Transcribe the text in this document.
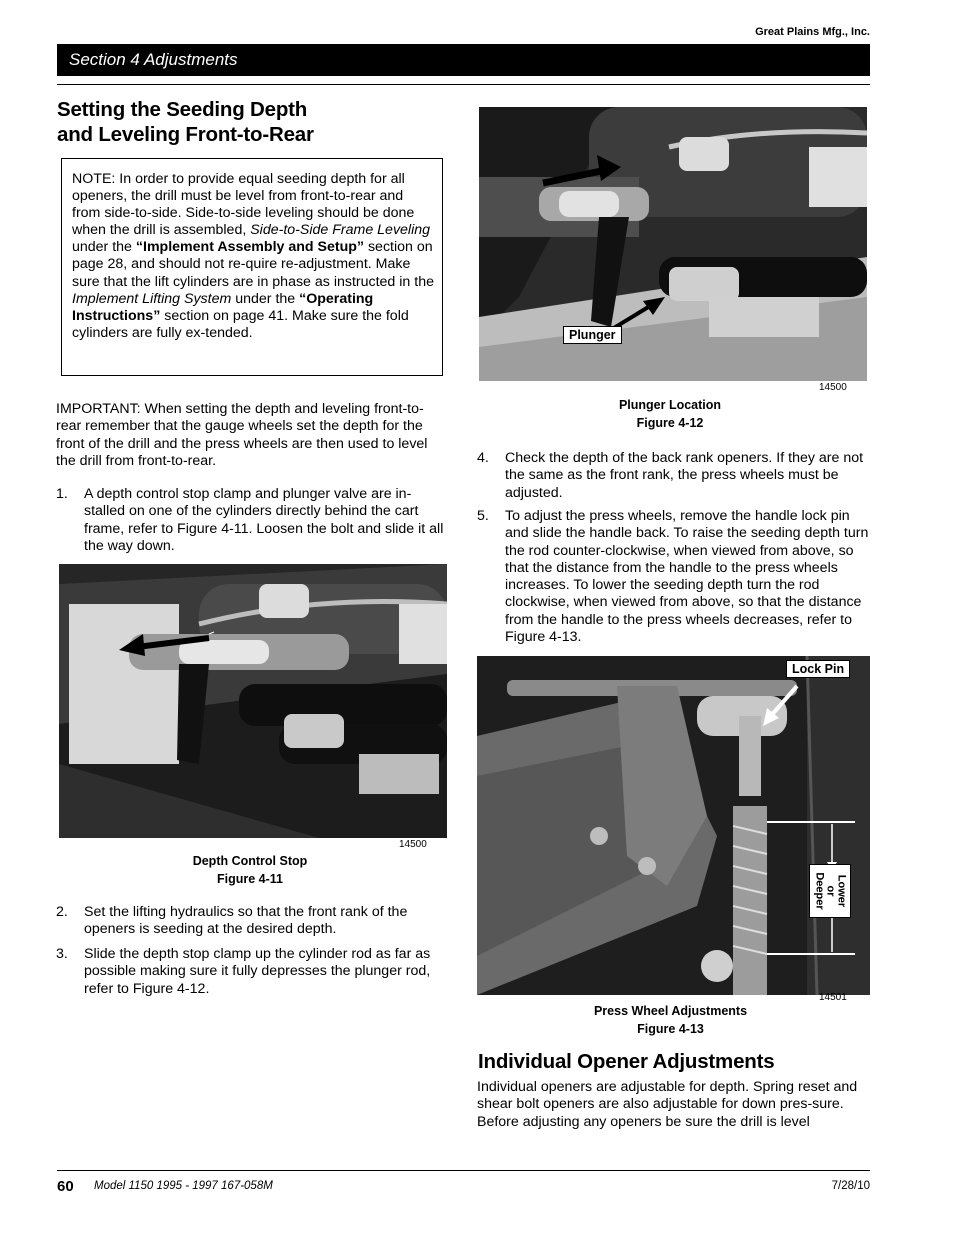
Great Plains Mfg., Inc.
Section 4 Adjustments
Setting the Seeding Depth
and Leveling Front-to-Rear
NOTE: In order to provide equal seeding depth for all openers, the drill must be level from front-to-rear and from side-to-side. Side-to-side leveling should be done when the drill is assembled, Side-to-Side Frame Leveling under the “Implement Assembly and Setup” section on page 28, and should not re-quire re-adjustment. Make sure that the lift cylinders are in phase as instructed in the Implement Lifting System under the “Operating Instructions” section on page 41. Make sure the fold cylinders are fully ex-tended.
IMPORTANT: When setting the depth and leveling front-to-rear remember that the gauge wheels set the depth for the front of the drill and the press wheels are then used to level the drill from front-to-rear.
1. A depth control stop clamp and plunger valve are in-stalled on one of the cylinders directly behind the cart frame, refer to Figure 4-11. Loosen the bolt and slide it all the way down.
14500
Depth Control Stop
Figure 4-11
2. Set the lifting hydraulics so that the front rank of the openers is seeding at the desired depth.
3. Slide the depth stop clamp up the cylinder rod as far as possible making sure it fully depresses the plunger rod, refer to Figure 4-12.
Plunger
14500
Plunger Location
Figure 4-12
4. Check the depth of the back rank openers. If they are not the same as the front rank, the press wheels must be adjusted.
5. To adjust the press wheels, remove the handle lock pin and slide the handle back. To raise the seeding depth turn the rod counter-clockwise, when viewed from above, so that the distance from the handle to the press wheels increases. To lower the seeding depth turn the rod clockwise, when viewed from above, so that the distance from the handle to the press wheels decreases, refer to Figure 4-13.
Lock Pin
Lower
or
Deeper
14501
Press Wheel Adjustments
Figure 4-13
Individual Opener Adjustments
Individual openers are adjustable for depth. Spring reset and shear bolt openers are also adjustable for down pres-sure. Before adjusting any openers be sure the drill is level
60 Model 1150 1995 - 1997 167-058M	7/28/10
